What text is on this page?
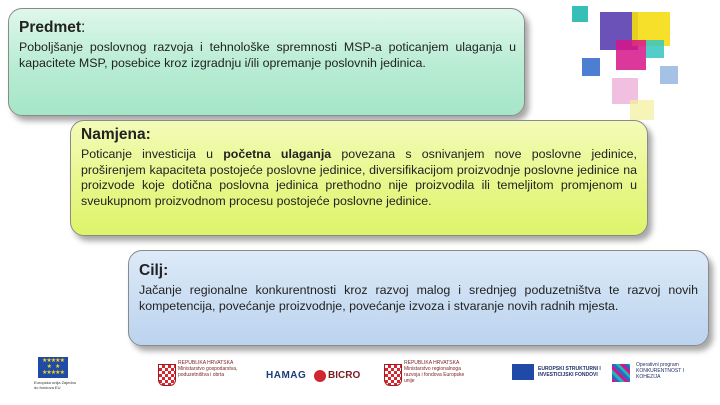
Predmet:

Poboljšanje poslovnog razvoja i tehnološke spremnosti MSP-a poticanjem ulaganja u kapacitete MSP, posebice kroz izgradnju i/ili opremanje poslovnih jedinica.

Namjena:

Poticanje investicija u početna ulaganja povezana s osnivanjem nove poslovne jedinice, proširenjem kapaciteta postojeće poslovne jedinice, diversifikacijom proizvodnje poslovne jedinice na proizvode koje dotična poslovna jedinica prethodno nije proizvodila ili temeljitom promjenom u sveukupnom proizvodnom procesu postojeće poslovne jedinice.

Cilj:

Jačanje regionalne konkurentnosti kroz razvoj malog i srednjeg poduzetništva te razvoj novih kompetencija, povećanje proizvodnje, povećanje izvoza i stvaranje novih radnih mjesta.

★★★★★
★      ★
★★★★★
Europska unija Zajedno do fondova EU
REPUBLIKA HRVATSKA Ministarstvo gospodarstva, poduzetništva i obrta	HAMAG BICRO
REPUBLIKA HRVATSKA Ministarstvo regionalnoga razvoja i fondova Europske unije
EUROPSKI STRUKTURNI I INVESTICIJSKI FONDOVI
Operativni program KONKURENTNOST I KOHEZIJA
